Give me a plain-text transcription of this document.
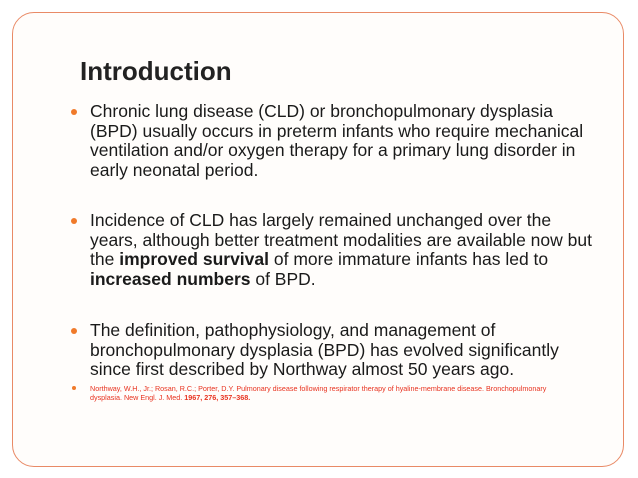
Introduction
Chronic lung disease (CLD) or bronchopulmonary dysplasia (BPD) usually occurs in preterm infants who require mechanical ventilation and/or oxygen therapy for a primary lung disorder in early neonatal period.
Incidence of CLD has largely remained unchanged over the years, although better treatment modalities are available now but the improved survival of more immature infants has led to increased numbers of BPD.
The definition, pathophysiology, and management of bronchopulmonary dysplasia (BPD) has evolved significantly since first described by Northway almost 50 years ago.
Northway, W.H., Jr.; Rosan, R.C.; Porter, D.Y. Pulmonary disease following respirator therapy of hyaline-membrane disease. Bronchopulmonary dysplasia. New Engl. J. Med. 1967, 276, 357–368.
